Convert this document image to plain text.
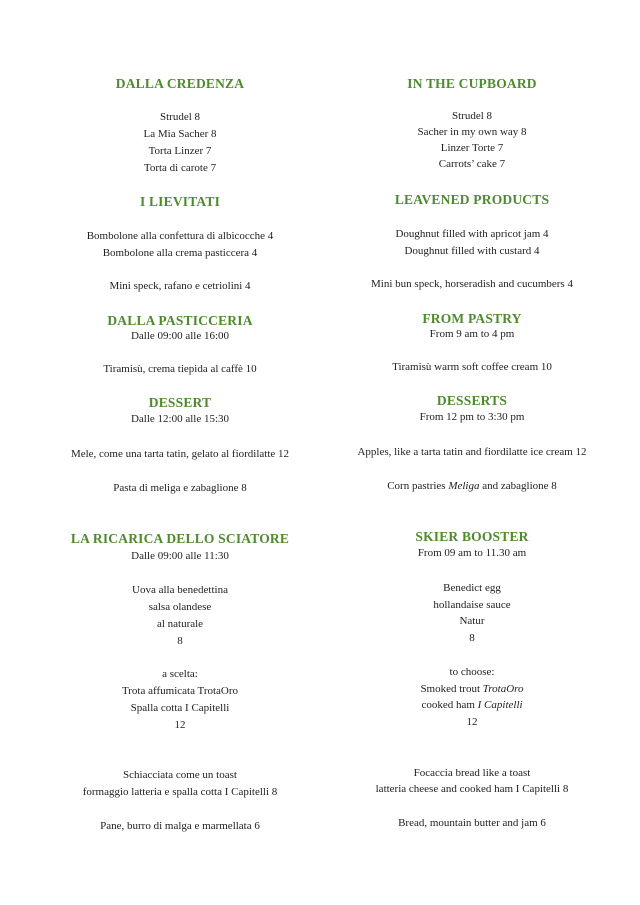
DALLA CREDENZA
Strudel 8
La Mia Sacher 8
Torta Linzer 7
Torta di carote 7
I LIEVITATI
Bombolone alla confettura di albicocche 4
Bombolone alla crema pasticcera 4
Mini speck, rafano e cetriolini 4
DALLA PASTICCERIA
Dalle 09:00 alle 16:00
Tiramisù, crema tiepida al caffè 10
DESSERT
Dalle 12:00 alle 15:30
Mele, come una tarta tatin, gelato al fiordilatte 12
Pasta di meliga e zabaglione 8
LA RICARICA DELLO SCIATORE
Dalle 09:00 alle 11:30
Uova alla benedettina
salsa olandese
al naturale
8
a scelta:
Trota affumicata TrotaOro
Spalla cotta I Capitelli
12
Schiacciata come un toast
formaggio latteria e spalla cotta I Capitelli 8
Pane, burro di malga e marmellata 6
IN THE CUPBOARD
Strudel 8
Sacher in my own way 8
Linzer Torte 7
Carrots’ cake 7
LEAVENED PRODUCTS
Doughnut filled with apricot jam 4
Doughnut filled with custard 4
Mini bun speck, horseradish and cucumbers 4
FROM PASTRY
From 9 am to 4 pm
Tiramisù warm soft coffee cream 10
DESSERTS
From 12 pm to 3:30 pm
Apples, like a tarta tatin and fiordilatte ice cream 12
Corn pastries Meliga and zabaglione 8
SKIER BOOSTER
From 09 am to 11.30 am
Benedict egg
hollandaise sauce
Natur
8
to choose:
Smoked trout TrotaOro
cooked ham I Capitelli
12
Focaccia bread like a toast
latteria cheese and cooked ham I Capitelli 8
Bread, mountain butter and jam 6
